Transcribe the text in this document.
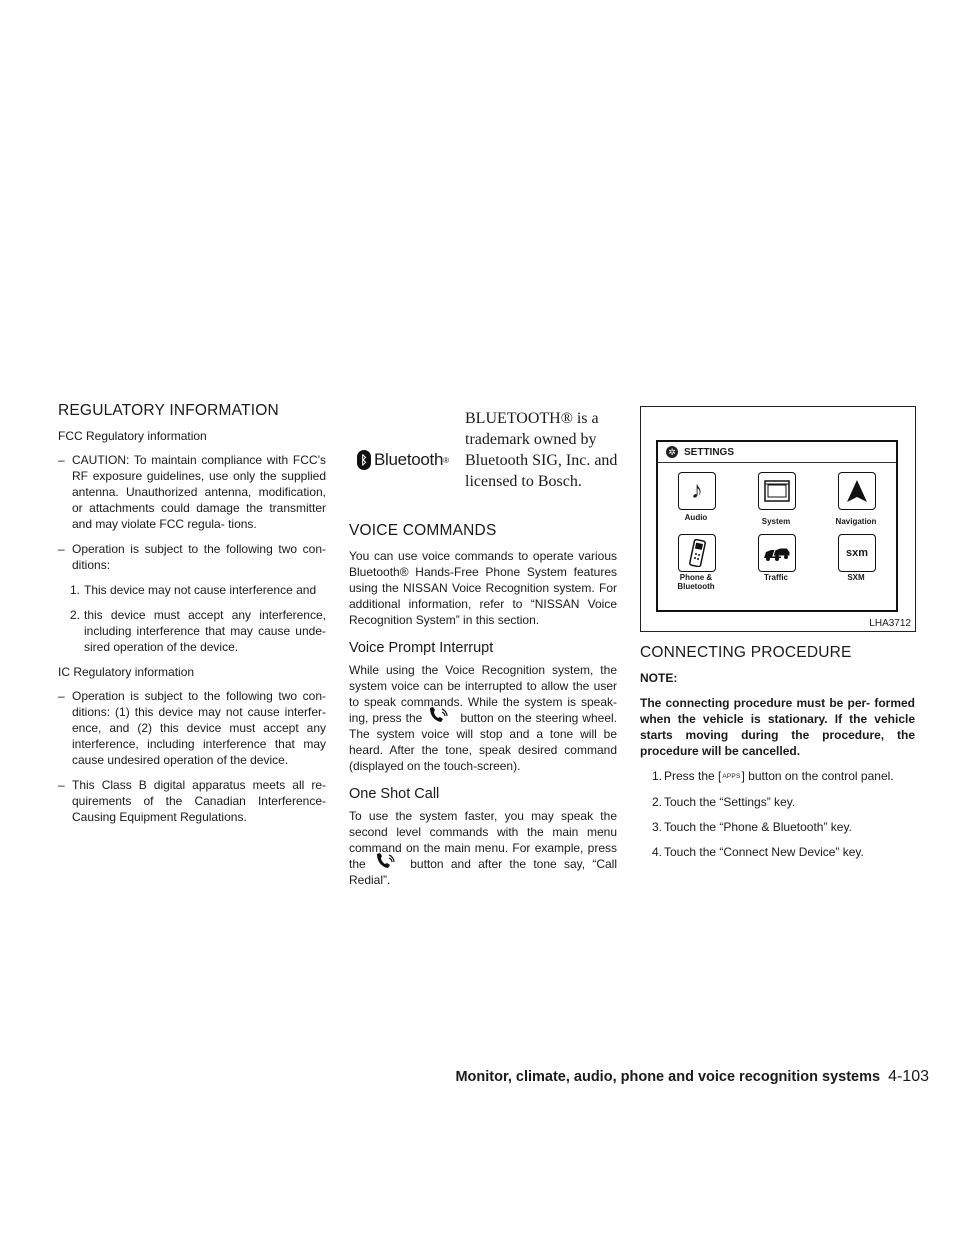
REGULATORY INFORMATION

FCC Regulatory information

– CAUTION: To maintain compliance with FCC’s RF exposure guidelines, use only the supplied antenna. Unauthorized antenna, modification, or attachments could damage the transmitter and may violate FCC regula- tions.
– Operation is subject to the following two con- ditions:
1. This device may not cause interference and
2. this device must accept any interference, including interference that may cause unde- sired operation of the device.

IC Regulatory information

– Operation is subject to the following two con- ditions: (1) this device may not cause interfer- ence, and (2) this device must accept any interference, including interference that may cause undesired operation of the device.
– This Class B digital apparatus meets all re- quirements of the Canadian Interference- Causing Equipment Regulations.
ᛒ Bluetooth ®
BLUETOOTH® is a trademark owned by Bluetooth SIG, Inc. and licensed to Bosch.
VOICE COMMANDS

You can use voice commands to operate various Bluetooth® Hands-Free Phone System features using the NISSAN Voice Recognition system. For additional information, refer to “NISSAN Voice Recognition System” in this section.

Voice Prompt Interrupt

While using the Voice Recognition system, the system voice can be interrupted to allow the user to speak commands. While the system is speak- ing, press the	button on the steering wheel. The system voice will stop and a tone will be heard. After the tone, speak desired command (displayed on the touch-screen).

One Shot Call

To use the system faster, you may speak the second level commands with the main menu command on the main menu. For example, press the	button and after the tone say, “Call Redial”.

✲ SETTINGS
♪
Audio	System	Navigation
Phone & Bluetooth
Traffic
sxm
SXM
LHA3712
CONNECTING PROCEDURE

NOTE:

The connecting procedure must be per- formed when the vehicle is stationary. If the vehicle starts moving during the procedure, the procedure will be cancelled.

1. Press the [APPS] button on the control panel.
2. Touch the “Settings” key.
3. Touch the “Phone & Bluetooth” key.
4. Touch the “Connect New Device” key.
Monitor, climate, audio, phone and voice recognition systems 4-103
